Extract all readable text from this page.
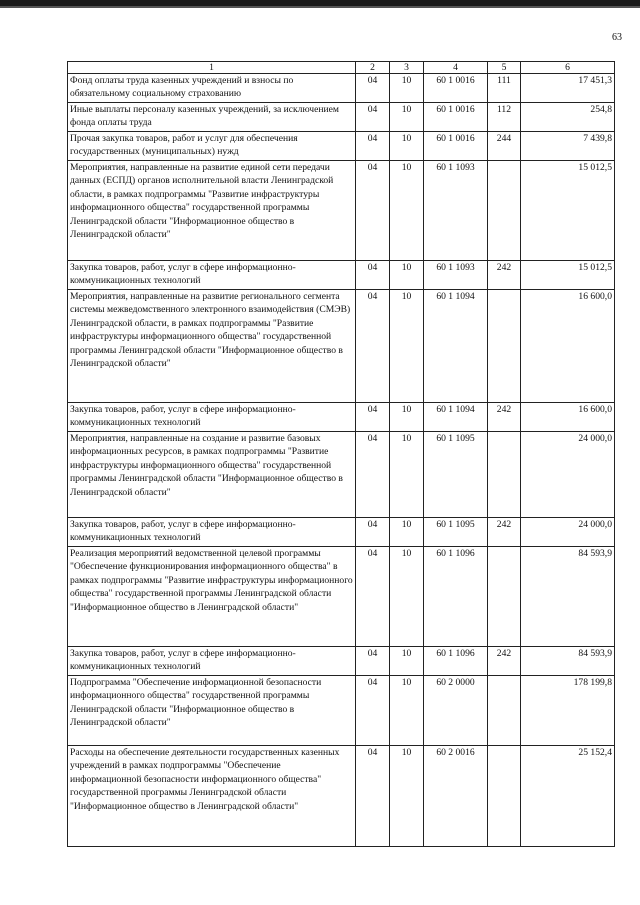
63
1	2	3	4	5	6
Фонд оплаты труда казенных учреждений и взносы по обязательному социальному страхованию	04	10	60 1 0016	111	17 451,3
Иные выплаты персоналу казенных учреждений, за исключением фонда оплаты труда	04	10	60 1 0016	112	254,8
Прочая закупка товаров, работ и услуг для обеспечения государственных (муниципальных) нужд	04	10	60 1 0016	244	7 439,8
Мероприятия, направленные на развитие единой сети передачи данных (ЕСПД) органов исполнительной власти Ленинградской области, в рамках подпрограммы "Развитие инфраструктуры информационного общества" государственной программы Ленинградской области "Информационное общество в Ленинградской области"	04	10	60 1 1093		15 012,5
Закупка товаров, работ, услуг в сфере информационно-коммуникационных технологий	04	10	60 1 1093	242	15 012,5
Мероприятия, направленные на развитие регионального сегмента системы межведомственного электронного взаимодействия (СМЭВ) Ленинградской области, в рамках подпрограммы "Развитие инфраструктуры информационного общества" государственной программы Ленинградской области "Информационное общество в Ленинградской области"	04	10	60 1 1094		16 600,0
Закупка товаров, работ, услуг в сфере информационно-коммуникационных технологий	04	10	60 1 1094	242	16 600,0
Мероприятия, направленные на создание и развитие базовых информационных ресурсов, в рамках подпрограммы "Развитие инфраструктуры информационного общества" государственной программы Ленинградской области "Информационное общество в Ленинградской области"	04	10	60 1 1095		24 000,0
Закупка товаров, работ, услуг в сфере информационно-коммуникационных технологий	04	10	60 1 1095	242	24 000,0
Реализация мероприятий ведомственной целевой программы "Обеспечение функционирования информационного общества" в рамках подпрограммы "Развитие инфраструктуры информационного общества" государственной программы Ленинградской области "Информационное общество в Ленинградской области"	04	10	60 1 1096		84 593,9
Закупка товаров, работ, услуг в сфере информационно-коммуникационных технологий	04	10	60 1 1096	242	84 593,9
Подпрограмма "Обеспечение информационной безопасности информационного общества" государственной программы Ленинградской области "Информационное общество в Ленинградской области"	04	10	60 2 0000		178 199,8
Расходы на обеспечение деятельности государственных казенных учреждений в рамках подпрограммы "Обеспечение информационной безопасности информационного общества" государственной программы Ленинградской области "Информационное общество в Ленинградской области"	04	10	60 2 0016		25 152,4
